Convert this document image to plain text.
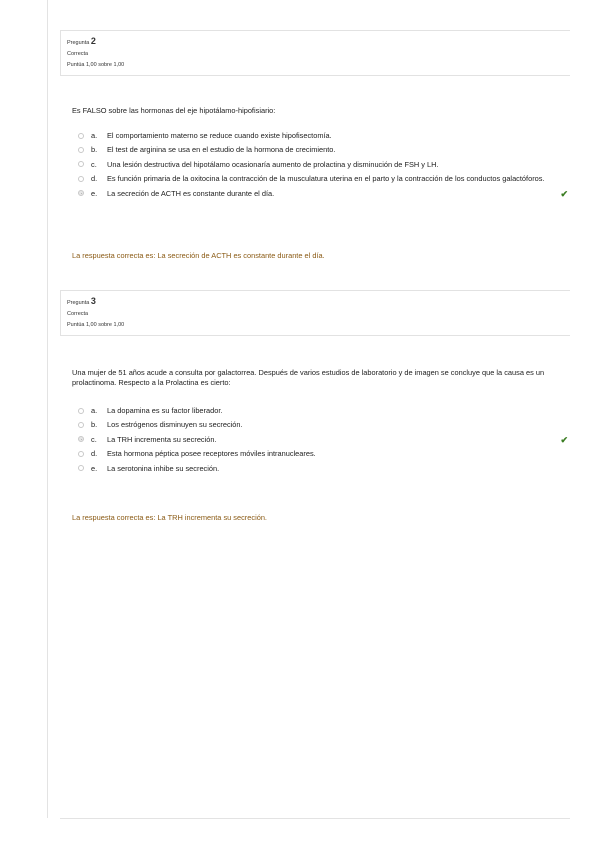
Pregunta 2
Correcta
Puntúa 1,00 sobre 1,00
Es FALSO sobre las hormonas del eje hipotálamo-hipofisiario:
a. El comportamiento materno se reduce cuando existe hipofisectomía.
b. El test de arginina se usa en el estudio de la hormona de crecimiento.
c. Una lesión destructiva del hipotálamo ocasionaría aumento de prolactina y disminución de FSH y LH.
d. Es función primaria de la oxitocina la contracción de la musculatura uterina en el parto y la contracción de los conductos galactóforos.
e. La secreción de ACTH es constante durante el día.	✔
La respuesta correcta es: La secreción de ACTH es constante durante el día.
Pregunta 3
Correcta
Puntúa 1,00 sobre 1,00
Una mujer de 51 años acude a consulta por galactorrea. Después de varios estudios de laboratorio y de imagen se concluye que la causa es un prolactinoma. Respecto a la Prolactina es cierto:
a. La dopamina es su factor liberador.
b. Los estrógenos disminuyen su secreción.
c. La TRH incrementa su secreción.	✔
d. Esta hormona péptica posee receptores móviles intranucleares.
e. La serotonina inhibe su secreción.
La respuesta correcta es: La TRH incrementa su secreción.
